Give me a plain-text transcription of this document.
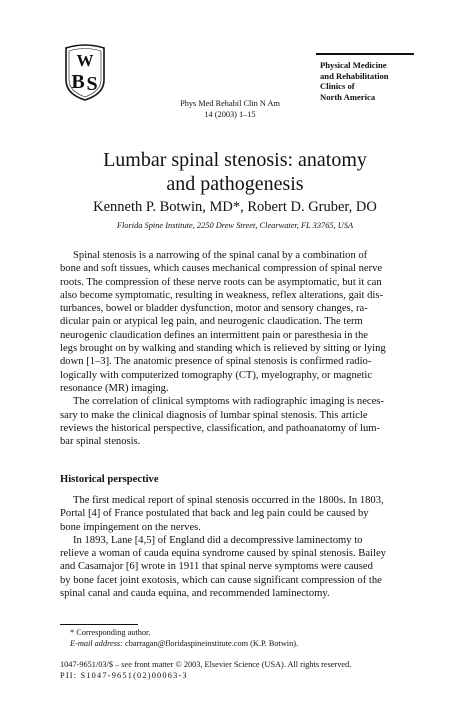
W
B S
Phys Med Rehabil Clin N Am
14 (2003) 1–15
Physical Medicine
and Rehabilitation
Clinics of
North America
Lumbar spinal stenosis: anatomy
and pathogenesis
Kenneth P. Botwin, MD*, Robert D. Gruber, DO
Florida Spine Institute, 2250 Drew Street, Clearwater, FL 33765, USA
Spinal stenosis is a narrowing of the spinal canal by a combination of
bone and soft tissues, which causes mechanical compression of spinal nerve
roots. The compression of these nerve roots can be asymptomatic, but it can
also become symptomatic, resulting in weakness, reflex alterations, gait dis-
turbances, bowel or bladder dysfunction, motor and sensory changes, ra-
dicular pain or atypical leg pain, and neurogenic claudication. The term
neurogenic claudication defines an intermittent pain or paresthesia in the
legs brought on by walking and standing which is relieved by sitting or lying
down [1–3]. The anatomic presence of spinal stenosis is confirmed radio-
logically with computerized tomography (CT), myelography, or magnetic
resonance (MR) imaging.
The correlation of clinical symptoms with radiographic imaging is neces-
sary to make the clinical diagnosis of lumbar spinal stenosis. This article
reviews the historical perspective, classification, and pathoanatomy of lum-
bar spinal stenosis.
Historical perspective
The first medical report of spinal stenosis occurred in the 1800s. In 1803,
Portal [4] of France postulated that back and leg pain could be caused by
bone impingement on the nerves.
In 1893, Lane [4,5] of England did a decompressive laminectomy to
relieve a woman of cauda equina syndrome caused by spinal stenosis. Bailey
and Casamajor [6] wrote in 1911 that spinal nerve symptoms were caused
by bone facet joint exotosis, which can cause significant compression of the
spinal canal and cauda equina, and recommended laminectomy.
* Corresponding author.
E-mail address: cbarragan@floridaspineinstitute.com (K.P. Botwin).
1047-9651/03/$ – see front matter © 2003, Elsevier Science (USA). All rights reserved.
PII: S1047-9651(02)00063-3
